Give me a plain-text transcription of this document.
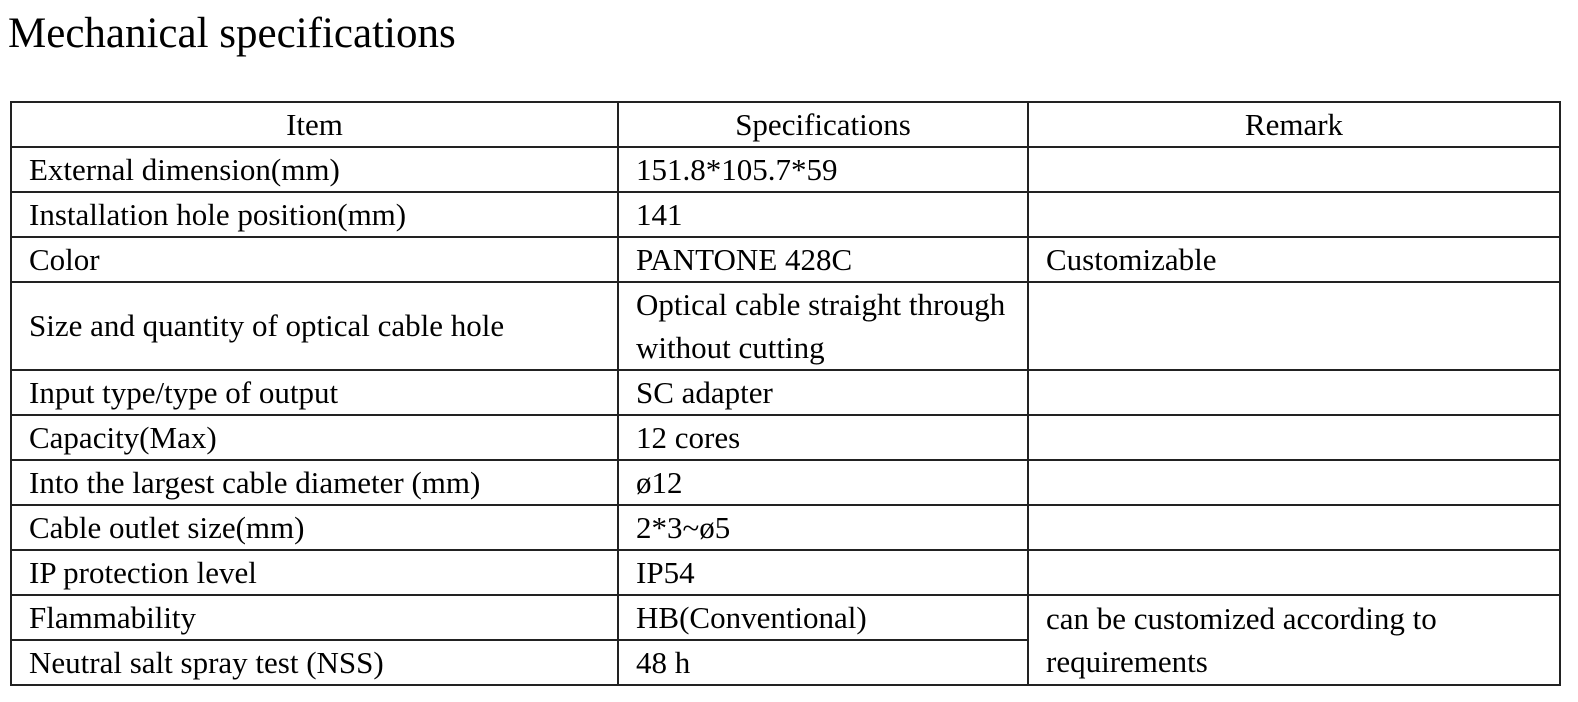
Mechanical specifications
Item	Specifications	Remark
External dimension(mm)	151.8*105.7*59	
Installation hole position(mm)	141	
Color	PANTONE 428C	Customizable
Size and quantity of optical cable hole	Optical cable straight through without cutting	
Input type/type of output	SC adapter	
Capacity(Max)	12 cores	
Into the largest cable diameter (mm)	ø12	
Cable outlet size(mm)	2*3~ø5	
IP protection level	IP54	
Flammability	HB(Conventional)	can be customized according to requirements
Neutral salt spray test (NSS)	48 h	
